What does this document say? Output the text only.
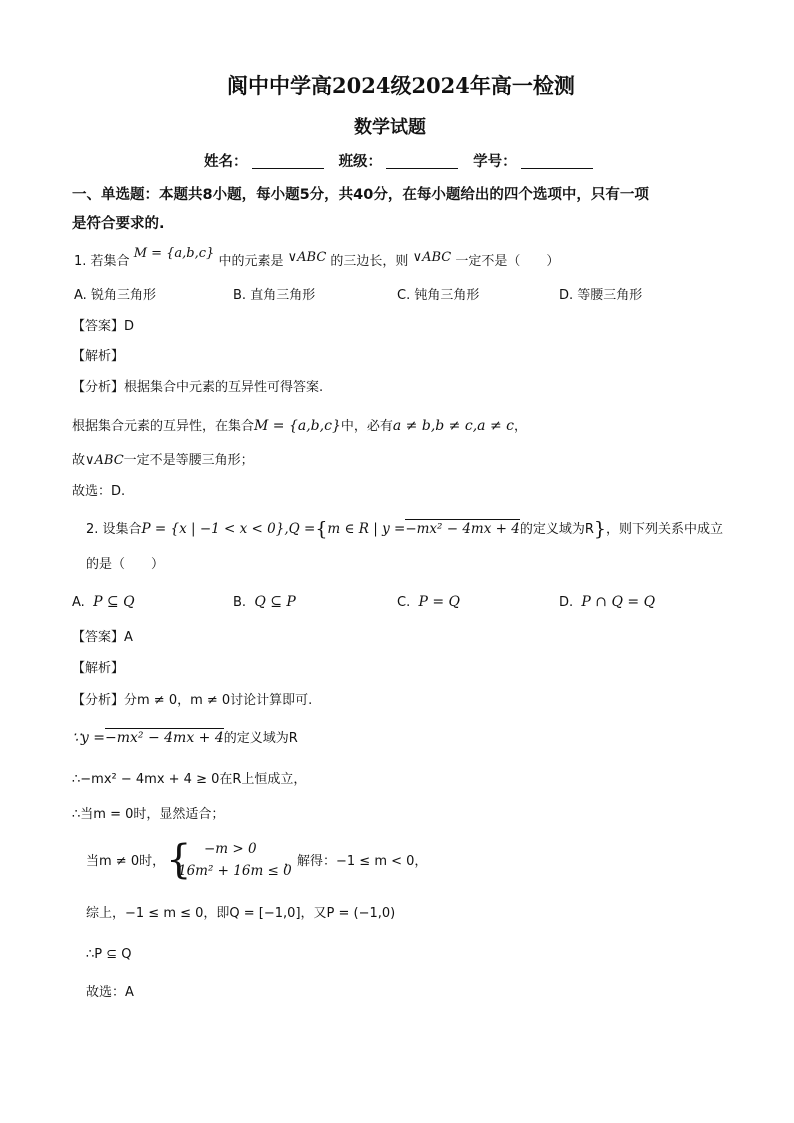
阆中中学高2024级2024年高一检测
数学试题
姓名：	班级：	学号：
一、单选题：本题共8小题，每小题5分，共40分，在每小题给出的四个选项中，只有一项
是符合要求的.
1. 若集合 M = {a,b,c} 中的元素是 ∨ABC 的三边长，则 ∨ABC 一定不是（　　）
A. 锐角三角形	B. 直角三角形	C. 钝角三角形	D. 等腰三角形
【答案】D
【解析】
【分析】根据集合中元素的互异性可得答案.
根据集合元素的互异性，在集合M = {a,b,c}中，必有a ≠ b,b ≠ c,a ≠ c，
故∨ABC一定不是等腰三角形；
故选：D.
2. 设集合P = {x | −1 < x < 0},Q ={m ∈ R | y =−mx² − 4mx + 4的定义域为R}，则下列关系中成立
的是（　　）
A. P ⊆ Q	B. Q ⊆ P	C. P = Q	D. P ∩ Q = Q
【答案】A
【解析】
【分析】分m ≠ 0，m ≠ 0讨论计算即可.
∵y =−mx² − 4mx + 4的定义域为R
∴−mx² − 4mx + 4 ≥ 0在R上恒成立，
∴当m = 0时，显然适合；
当m ≠ 0时， { −m > 0
16m² + 16m ≤ 0
，解得：−1 ≤ m < 0，
综上，−1 ≤ m ≤ 0，即Q = [−1,0]，又P = (−1,0)
∴P ⊆ Q
故选：A
